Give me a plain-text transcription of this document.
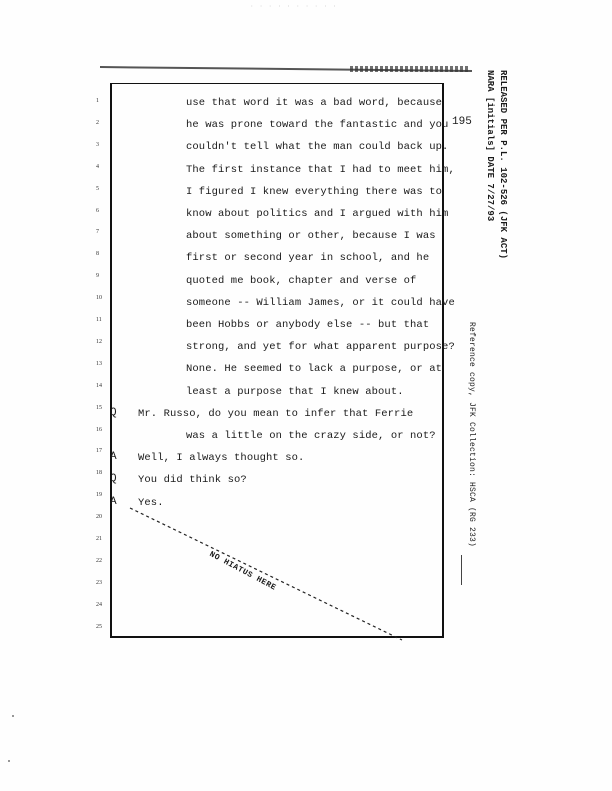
· · · · · · · · · ·
195	RELEASED PER P.L. 102-526 (JFK ACT)
NARA [initials] DATE 7/27/93
Reference copy, JFK Collection: HSCA (RG 233)
1
2
3
4
5
6
7
8
9
10
11
12
13
14
15
16
17
18
19
20
21
22
23
24
25
use that word it was a bad word, because
he was prone toward the fantastic and you
couldn't tell what the man could back up.
The first instance that I had to meet him,
I figured I knew everything there was to
know about politics and I argued with him
about something or other, because I was
first or second year in school, and he
quoted me book, chapter and verse of
someone -- William James, or it could have
been Hobbs or anybody else -- but that
strong, and yet for what apparent purpose?
None. He seemed to lack a purpose, or at
least a purpose that I knew about.
Q Mr. Russo, do you mean to infer that Ferrie
was a little on the crazy side, or not?
A Well, I always thought so.
Q You did think so?
A Yes.
NO HIATUS HERE
